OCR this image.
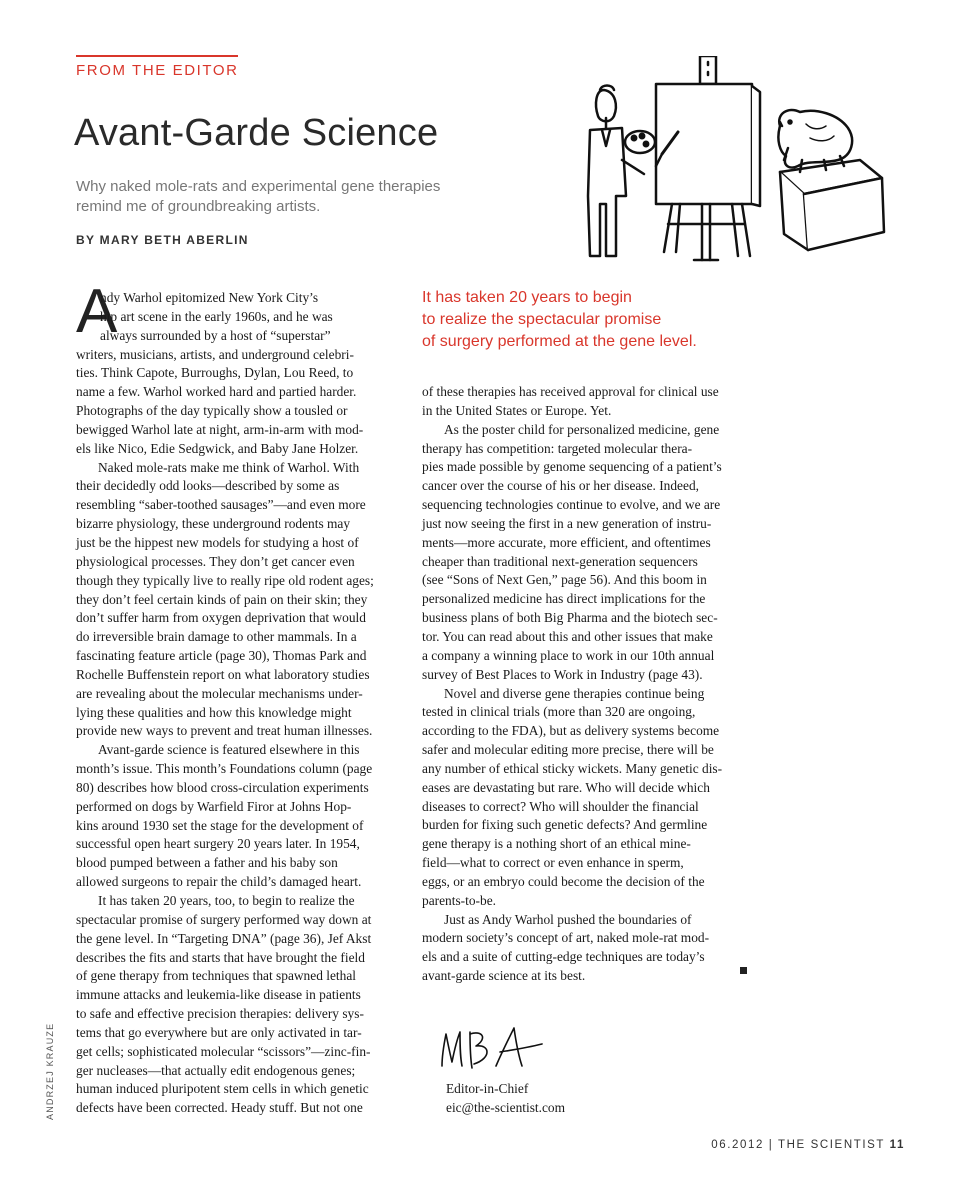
FROM THE EDITOR
Avant-Garde Science
Why naked mole-rats and experimental gene therapies remind me of groundbreaking artists.
BY MARY BETH ABERLIN
A
ndy Warhol epitomized New York City’s
hip art scene in the early 1960s, and he was
always surrounded by a host of “superstar”
writers, musicians, artists, and underground celebri-
ties. Think Capote, Burroughs, Dylan, Lou Reed, to
name a few. Warhol worked hard and partied harder.
Photographs of the day typically show a tousled or
bewigged Warhol late at night, arm-in-arm with mod-
els like Nico, Edie Sedgwick, and Baby Jane Holzer.
Naked mole-rats make me think of Warhol. With
their decidedly odd looks—described by some as
resembling “saber-toothed sausages”—and even more
bizarre physiology, these underground rodents may
just be the hippest new models for studying a host of
physiological processes. They don’t get cancer even
though they typically live to really ripe old rodent ages;
they don’t feel certain kinds of pain on their skin; they
don’t suffer harm from oxygen deprivation that would
do irreversible brain damage to other mammals. In a
fascinating feature article (page 30), Thomas Park and
Rochelle Buffenstein report on what laboratory studies
are revealing about the molecular mechanisms under-
lying these qualities and how this knowledge might
provide new ways to prevent and treat human illnesses.
Avant-garde science is featured elsewhere in this
month’s issue. This month’s Foundations column (page
80) describes how blood cross-circulation experiments
performed on dogs by Warfield Firor at Johns Hop-
kins around 1930 set the stage for the development of
successful open heart surgery 20 years later. In 1954,
blood pumped between a father and his baby son
allowed surgeons to repair the child’s damaged heart.
It has taken 20 years, too, to begin to realize the
spectacular promise of surgery performed way down at
the gene level. In “Targeting DNA” (page 36), Jef Akst
describes the fits and starts that have brought the field
of gene therapy from techniques that spawned lethal
immune attacks and leukemia-like disease in patients
to safe and effective precision therapies: delivery sys-
tems that go everywhere but are only activated in tar-
get cells; sophisticated molecular “scissors”—zinc-fin-
ger nucleases—that actually edit endogenous genes;
human induced pluripotent stem cells in which genetic
defects have been corrected. Heady stuff. But not one
It has taken 20 years to begin
to realize the spectacular promise
of surgery performed at the gene level.
of these therapies has received approval for clinical use
in the United States or Europe. Yet.
As the poster child for personalized medicine, gene
therapy has competition: targeted molecular thera-
pies made possible by genome sequencing of a patient’s
cancer over the course of his or her disease. Indeed,
sequencing technologies continue to evolve, and we are
just now seeing the first in a new generation of instru-
ments—more accurate, more efficient, and oftentimes
cheaper than traditional next-generation sequencers
(see “Sons of Next Gen,” page 56). And this boom in
personalized medicine has direct implications for the
business plans of both Big Pharma and the biotech sec-
tor. You can read about this and other issues that make
a company a winning place to work in our 10th annual
survey of Best Places to Work in Industry (page 43).
Novel and diverse gene therapies continue being
tested in clinical trials (more than 320 are ongoing,
according to the FDA), but as delivery systems become
safer and molecular editing more precise, there will be
any number of ethical sticky wickets. Many genetic dis-
eases are devastating but rare. Who will decide which
diseases to correct? Who will shoulder the financial
burden for fixing such genetic defects? And germline
gene therapy is a nothing short of an ethical mine-
field—what to correct or even enhance in sperm,
eggs, or an embryo could become the decision of the
parents-to-be.
Just as Andy Warhol pushed the boundaries of
modern society’s concept of art, naked mole-rat mod-
els and a suite of cutting-edge techniques are today’s
avant-garde science at its best.
Editor-in-Chief
eic@the-scientist.com
ANDRZEJ KRAUZE
06.2012 | THE SCIENTIST 11
